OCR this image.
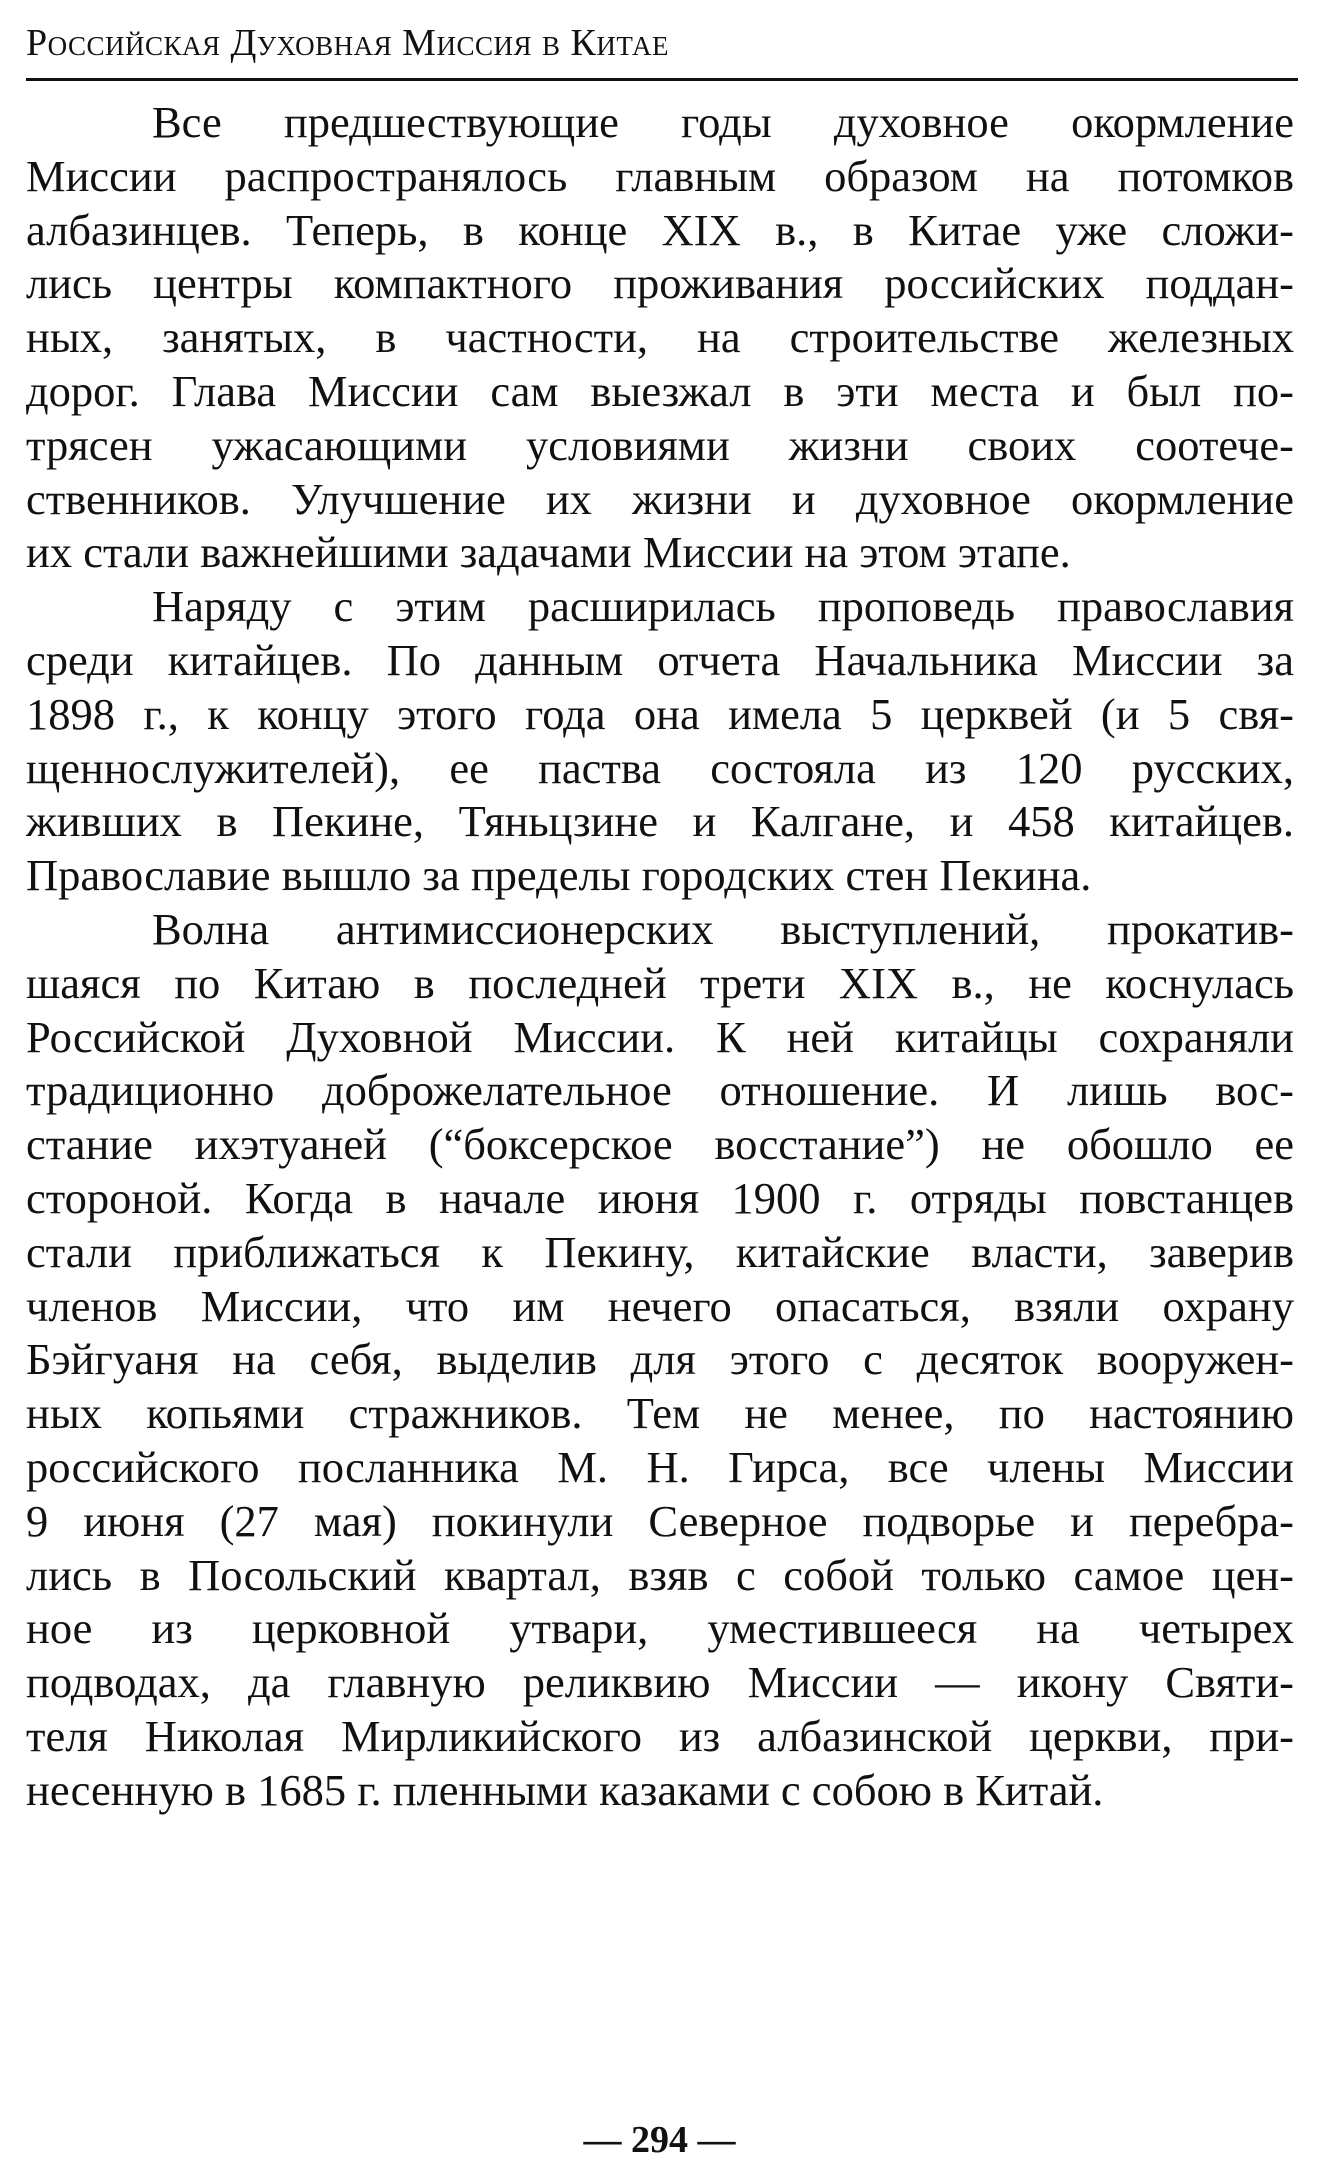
Российская Духовная Миссия в Китае
Все предшествующие годы духовное окормление
Миссии распространялось главным образом на потомков
албазинцев. Теперь, в конце XIX в., в Китае уже сложи-
лись центры компактного проживания российских поддан-
ных, занятых, в частности, на строительстве железных
дорог. Глава Миссии сам выезжал в эти места и был по-
трясен ужасающими условиями жизни своих соотече-
ственников. Улучшение их жизни и духовное окормление
их стали важнейшими задачами Миссии на этом этапе.
Наряду с этим расширилась проповедь православия
среди китайцев. По данным отчета Начальника Миссии за
1898 г., к концу этого года она имела 5 церквей (и 5 свя-
щеннослужителей), ее паства состояла из 120 русских,
живших в Пекине, Тяньцзине и Калгане, и 458 китайцев.
Православие вышло за пределы городских стен Пекина.
Волна антимиссионерских выступлений, прокатив-
шаяся по Китаю в последней трети XIX в., не коснулась
Российской Духовной Миссии. К ней китайцы сохраняли
традиционно доброжелательное отношение. И лишь вос-
стание ихэтуаней (“боксерское восстание”) не обошло ее
стороной. Когда в начале июня 1900 г. отряды повстанцев
стали приближаться к Пекину, китайские власти, заверив
членов Миссии, что им нечего опасаться, взяли охрану
Бэйгуаня на себя, выделив для этого с десяток вооружен-
ных копьями стражников. Тем не менее, по настоянию
российского посланника М. Н. Гирса, все члены Миссии
9 июня (27 мая) покинули Северное подворье и перебра-
лись в Посольский квартал, взяв с собой только самое цен-
ное из церковной утвари, уместившееся на четырех
подводах, да главную реликвию Миссии — икону Святи-
теля Николая Мирликийского из албазинской церкви, при-
несенную в 1685 г. пленными казаками с собою в Китай.
— 294 —
